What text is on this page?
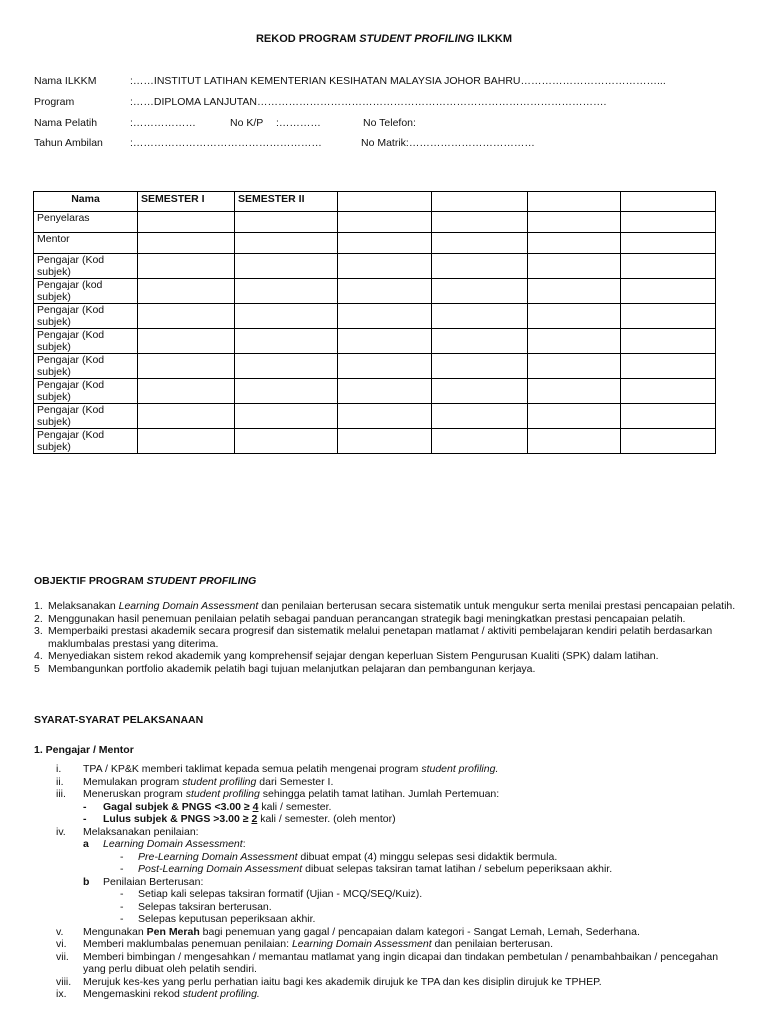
REKOD PROGRAM STUDENT PROFILING ILKKM
Nama ILKKM	:……INSTITUT LATIHAN KEMENTERIAN KESIHATAN MALAYSIA JOHOR BAHRU…………………………………...
Program	:……DIPLOMA LANJUTAN……………………………………………………………………………………….
Nama Pelatih	:………………	No K/P :…………	No Telefon:
Tahun Ambilan	:………………………………………………	No Matrik:………………………………
Nama	SEMESTER I	SEMESTER II				
Penyelaras						
Mentor						
Pengajar (Kod subjek)						
Pengajar (kod subjek)						
Pengajar (Kod subjek)						
Pengajar (Kod subjek)						
Pengajar (Kod subjek)						
Pengajar (Kod subjek)						
Pengajar (Kod subjek)						
Pengajar (Kod subjek)						
OBJEKTIF PROGRAM STUDENT PROFILING
1. Melaksanakan Learning Domain Assessment dan penilaian berterusan secara sistematik untuk mengukur serta menilai prestasi pencapaian pelatih.
2. Menggunakan hasil penemuan penilaian pelatih sebagai panduan perancangan strategik bagi meningkatkan prestasi pencapaian pelatih.
3. Memperbaiki prestasi akademik secara progresif dan sistematik melalui penetapan matlamat / aktiviti pembelajaran kendiri pelatih berdasarkan maklumbalas prestasi yang diterima.
4. Menyediakan sistem rekod akademik yang komprehensif sejajar dengan keperluan Sistem Pengurusan Kualiti (SPK) dalam latihan.
5 Membangunkan portfolio akademik pelatih bagi tujuan melanjutkan pelajaran dan pembangunan kerjaya.
SYARAT-SYARAT PELAKSANAAN
1. Pengajar / Mentor
i. TPA / KP&K memberi taklimat kepada semua pelatih mengenai program student profiling.
ii. Memulakan program student profiling dari Semester I.
iii. Meneruskan program student profiling sehingga pelatih tamat latihan. Jumlah Pertemuan:
- Gagal subjek & PNGS <3.00 ≥ 4 kali / semester.
- Lulus subjek & PNGS >3.00 ≥ 2 kali / semester. (oleh mentor)
iv. Melaksanakan penilaian:
a Learning Domain Assessment:
- Pre-Learning Domain Assessment dibuat empat (4) minggu selepas sesi didaktik bermula.
- Post-Learning Domain Assessment dibuat selepas taksiran tamat latihan / sebelum peperiksaan akhir.
b Penilaian Berterusan:
- Setiap kali selepas taksiran formatif (Ujian - MCQ/SEQ/Kuiz).
- Selepas taksiran berterusan.
- Selepas keputusan peperiksaan akhir.
v. Mengunakan Pen Merah bagi penemuan yang gagal / pencapaian dalam kategori - Sangat Lemah, Lemah, Sederhana.
vi. Memberi maklumbalas penemuan penilaian: Learning Domain Assessment dan penilaian berterusan.
vii. Memberi bimbingan / mengesahkan / memantau matlamat yang ingin dicapai dan tindakan pembetulan / penambahbaikan / pencegahan yang perlu dibuat oleh pelatih sendiri.
viii. Merujuk kes-kes yang perlu perhatian iaitu bagi kes akademik dirujuk ke TPA dan kes disiplin dirujuk ke TPHEP.
ix. Mengemaskini rekod student profiling.
